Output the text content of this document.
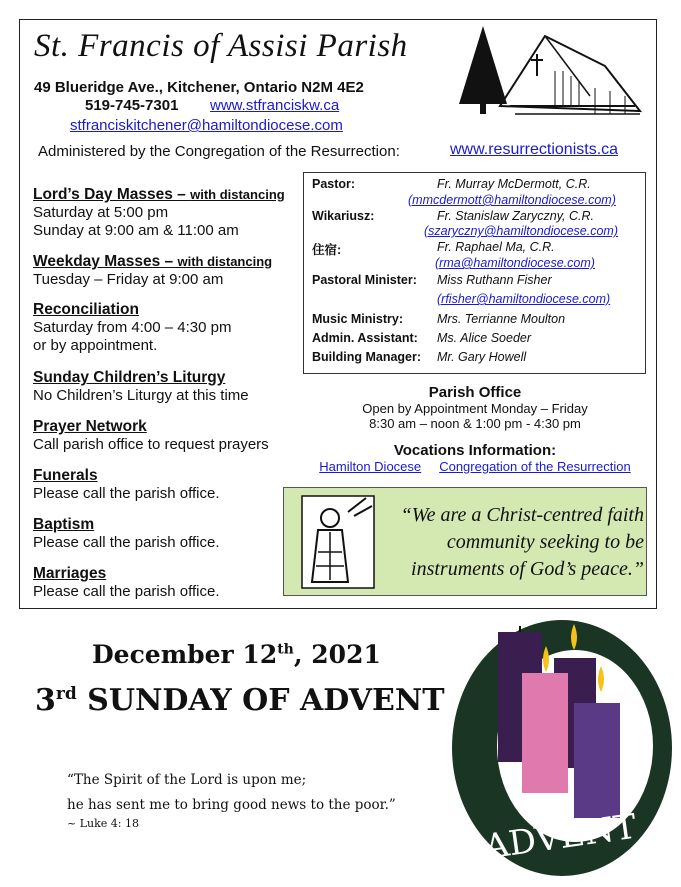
St. Francis of Assisi Parish
49 Blueridge Ave., Kitchener, Ontario N2M 4E2
519-745-7301 www.stfranciskw.ca
stfranciskitchener@hamiltondiocese.com
Administered by the Congregation of the Resurrection:	www.resurrectionists.ca
Lord’s Day Masses – with distancing
Saturday at 5:00 pm
Sunday at 9:00 am & 11:00 am
Weekday Masses – with distancing
Tuesday – Friday at 9:00 am
Reconciliation
Saturday from 4:00 – 4:30 pm
or by appointment.
Sunday Children’s Liturgy
No Children’s Liturgy at this time
Prayer Network
Call parish office to request prayers
Funerals
Please call the parish office.
Baptism
Please call the parish office.
Marriages
Please call the parish office.
Pastor:	Fr. Murray McDermott, C.R.
(mmcdermott@hamiltondiocese.com)
Wikariusz:	Fr. Stanislaw Zaryczny, C.R.
(szaryczny@hamiltondiocese.com)
住宿:	Fr. Raphael Ma, C.R.
(rma@hamiltondiocese.com)
Pastoral Minister: Miss Ruthann Fisher
(rfisher@hamiltondiocese.com)
Music Ministry:	Mrs. Terrianne Moulton
Admin. Assistant: Ms. Alice Soeder
Building Manager: Mr. Gary Howell
Parish Office
Open by Appointment Monday – Friday
8:30 am – noon & 1:00 pm - 4:30 pm
Vocations Information:
Hamilton Diocese Congregation of the Resurrection
“We are a Christ-centred faith
community seeking to be
instruments of God’s peace.”
December 12th, 2021
3rd SUNDAY OF ADVENT
“The Spirit of the Lord is upon me;
he has sent me to bring good news to the poor.”
~ Luke 4: 18	ADVENT
